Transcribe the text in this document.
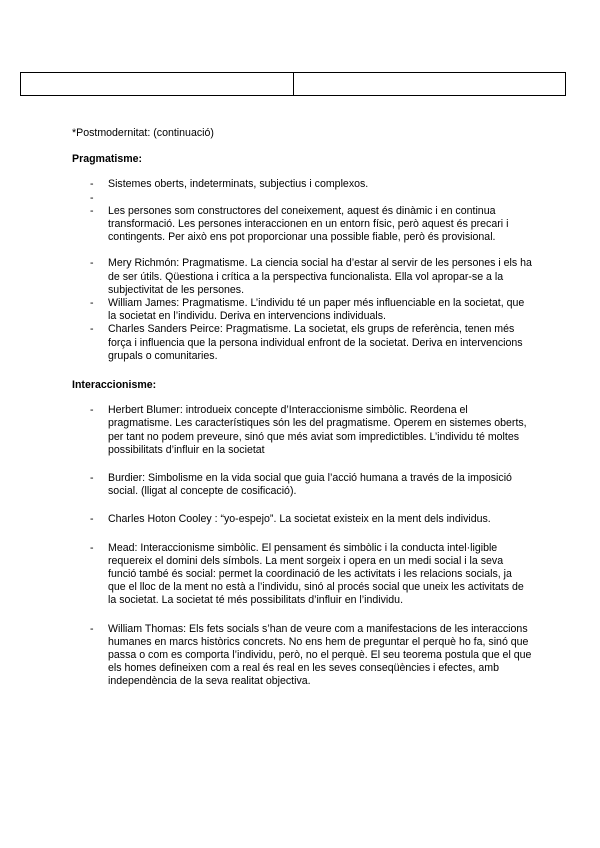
*Postmodernitat: (continuació)

Pragmatisme:

- Sistemes oberts, indeterminats, subjectius i complexos.
-
- Les persones som constructores del coneixement, aquest és dinàmic i en continua transformació. Les persones interaccionen en un entorn físic, però aquest és precari i contingents. Per això ens pot proporcionar una possible fiable, però és provisional.
- Mery Richmón: Pragmatisme. La ciencia social ha d’estar al servir de les persones i els ha de ser útils. Qüestiona i crítica a la perspectiva funcionalista. Ella vol apropar-se a la subjectivitat de les persones.
- William James: Pragmatisme. L’individu té un paper més influenciable en la societat, que la societat en l’individu. Deriva en intervencions individuals.
- Charles Sanders Peirce: Pragmatisme. La societat, els grups de referència, tenen més força i influencia que la persona individual enfront de la societat. Deriva en intervencions grupals o comunitaries.

Interaccionisme:

- Herbert Blumer: introdueix concepte d’Interaccionisme simbòlic. Reordena el pragmatisme. Les característiques són les del pragmatisme. Operem en sistemes oberts, per tant no podem preveure, sinó que més aviat som impredictibles. L’individu té moltes possibilitats d’influir en la societat
- Burdier: Simbolisme en la vida social que guia l’acció humana a través de la imposició social. (lligat al concepte de cosificació).
- Charles Hoton Cooley : “yo-espejo”. La societat existeix en la ment dels individus.
- Mead: Interaccionisme simbòlic. El pensament és simbòlic i la conducta intel·ligible requereix el domini dels símbols. La ment sorgeix i opera en un medi social i la seva funció també és social: permet la coordinació de les activitats i les relacions socials, ja que el lloc de la ment no està a l’individu, sinó al procés social que uneix les activitats de la societat. La societat té més possibilitats d’influir en l’individu.
- William Thomas: Els fets socials s’han de veure com a manifestacions de les interaccions humanes en marcs històrics concrets. No ens hem de preguntar el perquè ho fa, sinó que passa o com es comporta l’individu, però, no el perquè. El seu teorema postula que el que els homes defineixen com a real és real en les seves conseqüències i efectes, amb independència de la seva realitat objectiva.
